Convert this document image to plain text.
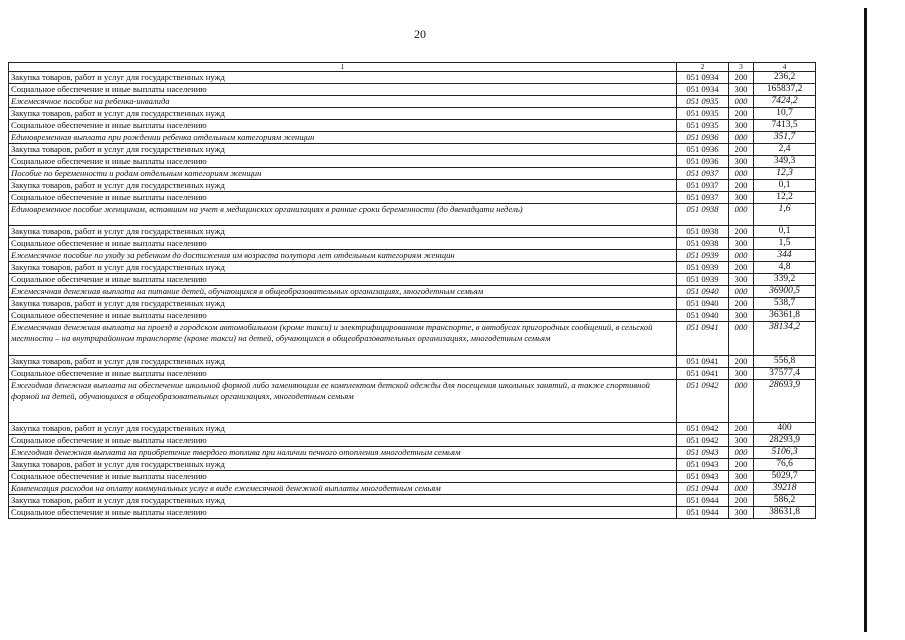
20
1	2	3	4
Закупка товаров, работ и услуг для государственных нужд	051 0934	200	236,2
Социальное обеспечение и иные выплаты населению	051 0934	300	165837,2
Ежемесячное пособие на ребенка-инвалида	051 0935	000	7424,2
Закупка товаров, работ и услуг для государственных нужд	051 0935	200	10,7
Социальное обеспечение и иные выплаты населению	051 0935	300	7413,5
Единовременная выплата при рождении ребенка отдельным категориям женщин	051 0936	000	351,7
Закупка товаров, работ и услуг для государственных нужд	051 0936	200	2,4
Социальное обеспечение и иные выплаты населению	051 0936	300	349,3
Пособие по беременности и родам отдельным категориям женщин	051 0937	000	12,3
Закупка товаров, работ и услуг для государственных нужд	051 0937	200	0,1
Социальное обеспечение и иные выплаты населению	051 0937	300	12,2
Единовременное пособие женщинам, вставшим на учет в медицинских организациях в ранние сроки беременности (до двенадцати недель)	051 0938	000	1,6
Закупка товаров, работ и услуг для государственных нужд	051 0938	200	0,1
Социальное обеспечение и иные выплаты населению	051 0938	300	1,5
Ежемесячное пособие по уходу за ребенком до достижения им возраста полутора лет отдельным категориям женщин	051 0939	000	344
Закупка товаров, работ и услуг для государственных нужд	051 0939	200	4,8
Социальное обеспечение и иные выплаты населению	051 0939	300	339,2
Ежемесячная денежная выплата на питание детей, обучающихся в общеобразовательных организациях, многодетным семьям	051 0940	000	36900,5
Закупка товаров, работ и услуг для государственных нужд	051 0940	200	538,7
Социальное обеспечение и иные выплаты населению	051 0940	300	36361,8
Ежемесячная денежная выплата на проезд в городском автомобильном (кроме такси) и электрифицированном транспорте, в автобусах пригородных сообщений, в сельской местности – на внутрирайонном транспорте (кроме такси) на детей, обучающихся в общеобразовательных организациях, многодетным семьям	051 0941	000	38134,2
Закупка товаров, работ и услуг для государственных нужд	051 0941	200	556,8
Социальное обеспечение и иные выплаты населению	051 0941	300	37577,4
Ежегодная денежная выплата на обеспечение школьной формой либо заменяющим ее комплектом детской одежды для посещения школьных занятий, а также спортивной формой на детей, обучающихся в общеобразовательных организациях, многодетным семьям	051 0942	000	28693,9
Закупка товаров, работ и услуг для государственных нужд	051 0942	200	400
Социальное обеспечение и иные выплаты населению	051 0942	300	28293,9
Ежегодная денежная выплата на приобретение твердого топлива при наличии печного отопления многодетным семьям	051 0943	000	5106,3
Закупка товаров, работ и услуг для государственных нужд	051 0943	200	76,6
Социальное обеспечение и иные выплаты населению	051 0943	300	5029,7
Компенсация расходов на оплату коммунальных услуг в виде ежемесячной денежной выплаты многодетным семьям	051 0944	000	39218
Закупка товаров, работ и услуг для государственных нужд	051 0944	200	586,2
Социальное обеспечение и иные выплаты населению	051 0944	300	38631,8
